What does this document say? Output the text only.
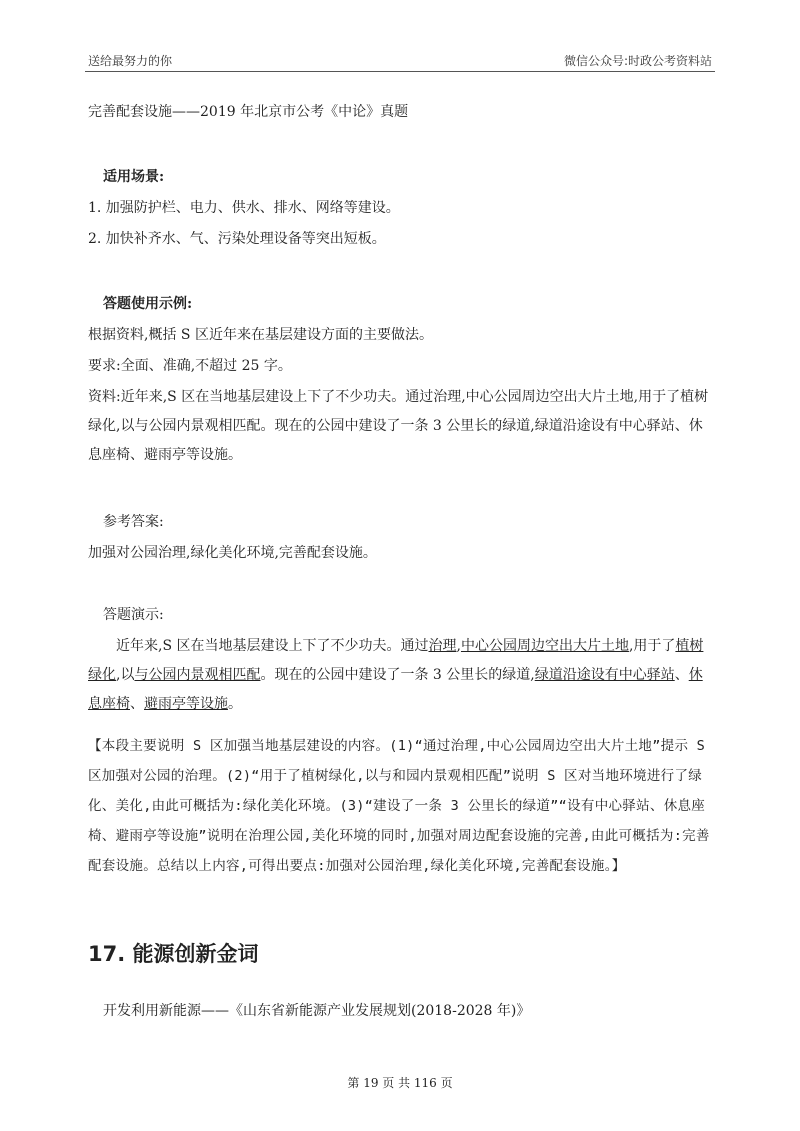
送给最努力的你	微信公众号:时政公考资料站
完善配套设施——2019 年北京市公考《中论》真题
适用场景:
1. 加强防护栏、电力、供水、排水、网络等建设。
2. 加快补齐水、气、污染处理设备等突出短板。
答题使用示例:
根据资料,概括 S 区近年来在基层建设方面的主要做法。
要求:全面、准确,不超过 25 字。
资料:近年来,S 区在当地基层建设上下了不少功夫。通过治理,中心公园周边空出大片土地,用于了植树绿化,以与公园内景观相匹配。现在的公园中建设了一条 3 公里长的绿道,绿道沿途设有中心驿站、休息座椅、避雨亭等设施。
参考答案:
加强对公园治理,绿化美化环境,完善配套设施。
答题演示:
近年来,S 区在当地基层建设上下了不少功夫。通过治理,中心公园周边空出大片土地,用于了植树绿化,以与公园内景观相匹配。现在的公园中建设了一条 3 公里长的绿道,绿道沿途设有中心驿站、休息座椅、避雨亭等设施。
【本段主要说明 S 区加强当地基层建设的内容。(1)“通过治理,中心公园周边空出大片土地”提示 S 区加强对公园的治理。(2)“用于了植树绿化,以与和园内景观相匹配”说明 S 区对当地环境进行了绿化、美化,由此可概括为:绿化美化环境。(3)“建设了一条 3 公里长的绿道”“设有中心驿站、休息座椅、避雨亭等设施”说明在治理公园,美化环境的同时,加强对周边配套设施的完善,由此可概括为:完善配套设施。总结以上内容,可得出要点:加强对公园治理,绿化美化环境,完善配套设施。】
17. 能源创新金词
开发利用新能源——《山东省新能源产业发展规划(2018-2028 年)》
第 19 页 共 116 页
